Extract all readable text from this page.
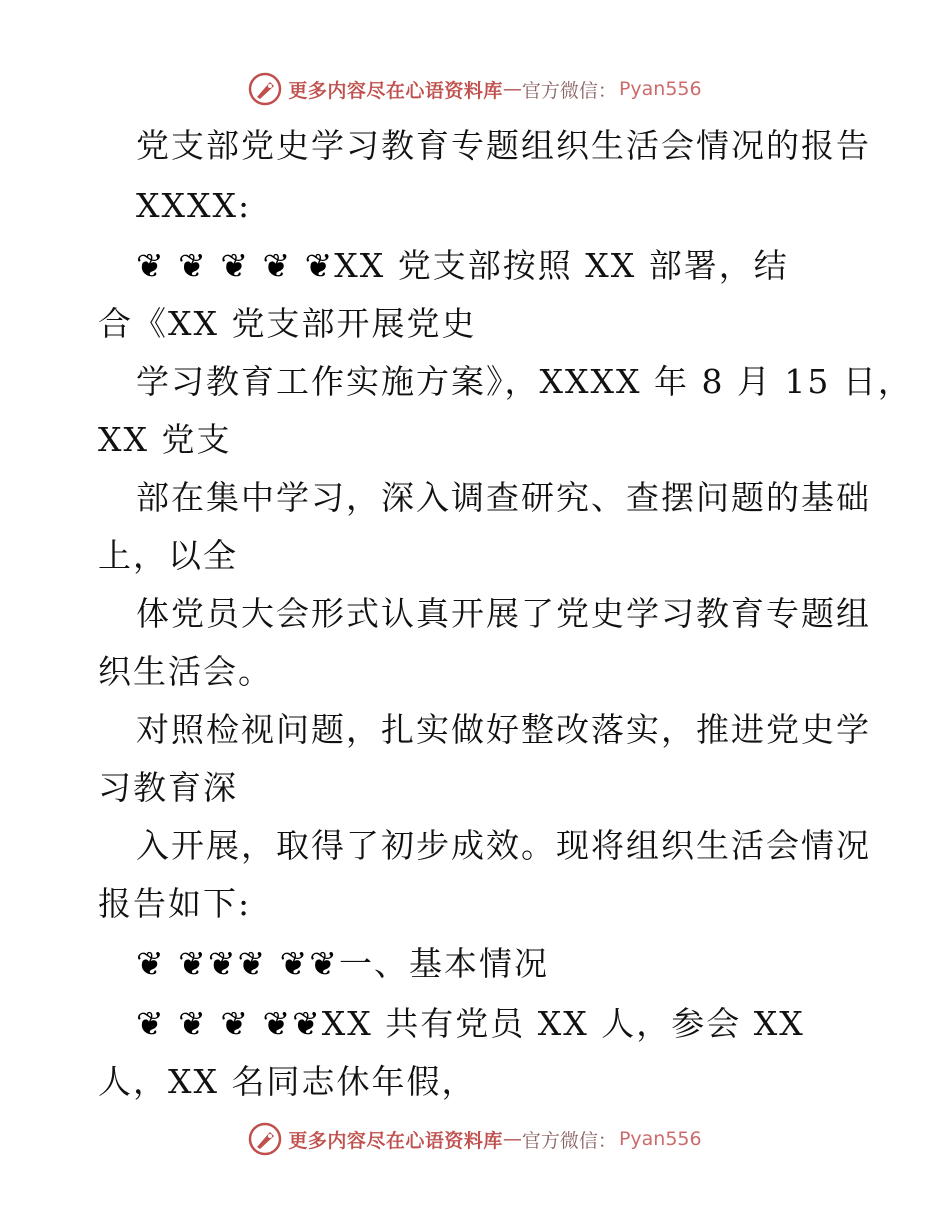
更多内容尽在心语资料库 — 官方微信： Pyan556
党支部党史学习教育专题组织生活会情况的报告
XXXX:
❦ ❦ ❦ ❦ ❦XX 党支部按照 XX 部署，结
合《XX 党支部开展党史
学习教育工作实施方案》，XXXX 年 8 月 15 日，
XX 党支
部在集中学习，深入调查研究、查摆问题的基础
上，以全
体党员大会形式认真开展了党史学习教育专题组
织生活会。
对照检视问题，扎实做好整改落实，推进党史学
习教育深
入开展，取得了初步成效。现将组织生活会情况
报告如下:
❦ ❦❦❦ ❦❦一、基本情况
❦ ❦ ❦ ❦❦XX 共有党员 XX 人，参会 XX
人，XX 名同志休年假，
更多内容尽在心语资料库 — 官方微信： Pyan556
